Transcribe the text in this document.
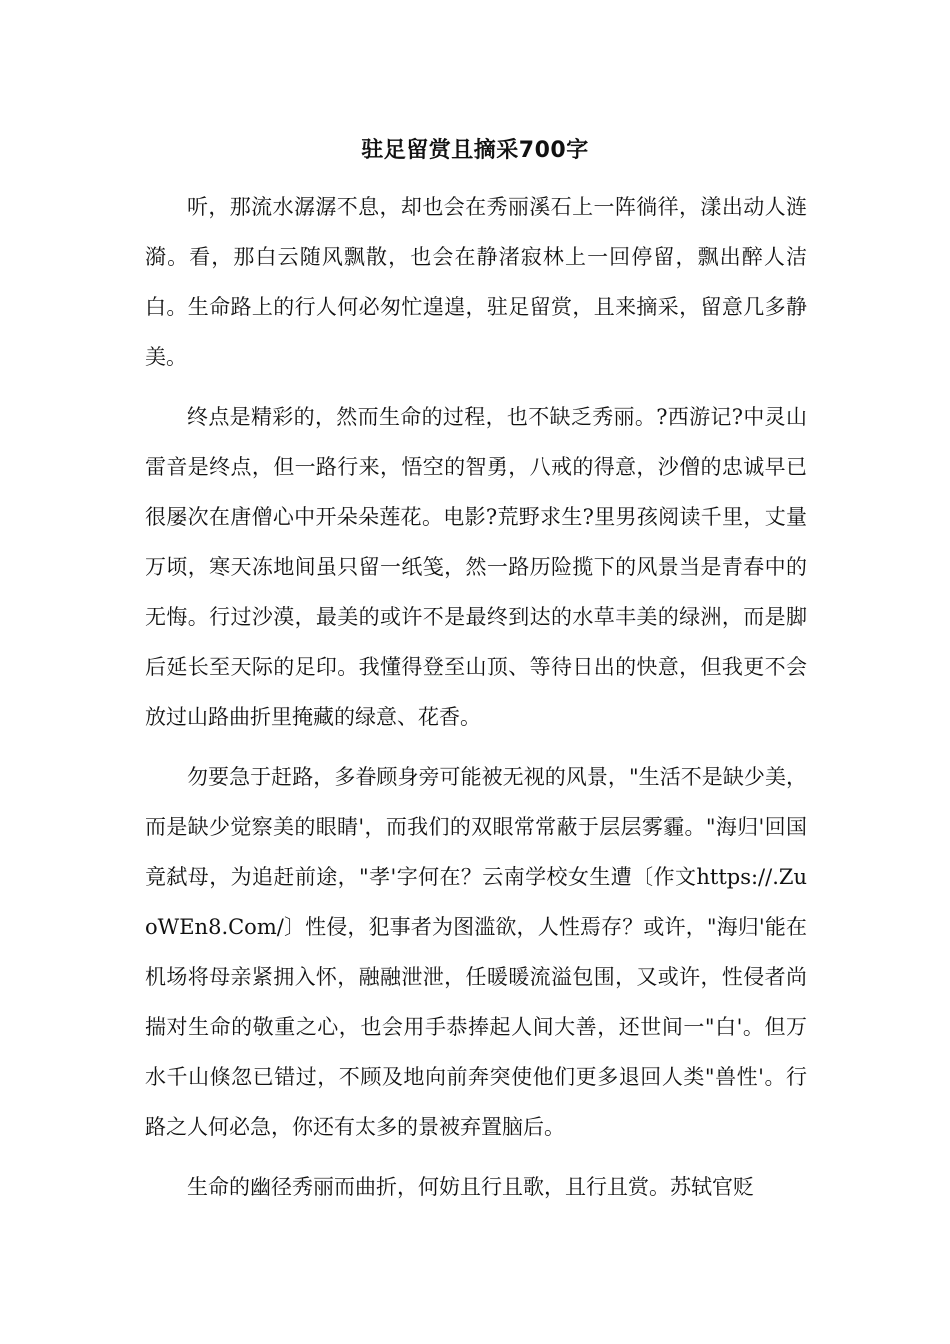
驻足留赏且摘采700字

听，那流水潺潺不息，却也会在秀丽溪石上一阵徜徉，漾出动人涟漪。看，那白云随风飘散，也会在静渚寂林上一回停留，飘出醉人洁白。生命路上的行人何必匆忙遑遑，驻足留赏，且来摘采，留意几多静美。

终点是精彩的，然而生命的过程，也不缺乏秀丽。?西游记?中灵山雷音是终点，但一路行来，悟空的智勇，八戒的得意，沙僧的忠诚早已很屡次在唐僧心中开朵朵莲花。电影?荒野求生?里男孩阅读千里，丈量万顷，寒天冻地间虽只留一纸笺，然一路历险揽下的风景当是青春中的无悔。行过沙漠，最美的或许不是最终到达的水草丰美的绿洲，而是脚后延长至天际的足印。我懂得登至山顶、等待日出的快意，但我更不会放过山路曲折里掩藏的绿意、花香。

勿要急于赶路，多眷顾身旁可能被无视的风景，"生活不是缺少美，而是缺少觉察美的眼睛'，而我们的双眼常常蔽于层层雾霾。"海归'回国竟弑母，为追赶前途，"孝'字何在？云南学校女生遭〔作文https://.ZuoWEn8.Com/〕性侵，犯事者为图滥欲，人性焉存？或许，"海归'能在机场将母亲紧拥入怀，融融泄泄，任暖暖流溢包围，又或许，性侵者尚揣对生命的敬重之心，也会用手恭捧起人间大善，还世间一"白'。但万水千山倏忽已错过，不顾及地向前奔突使他们更多退回人类"兽性'。行路之人何必急，你还有太多的景被弃置脑后。

生命的幽径秀丽而曲折，何妨且行且歌，且行且赏。苏轼官贬
